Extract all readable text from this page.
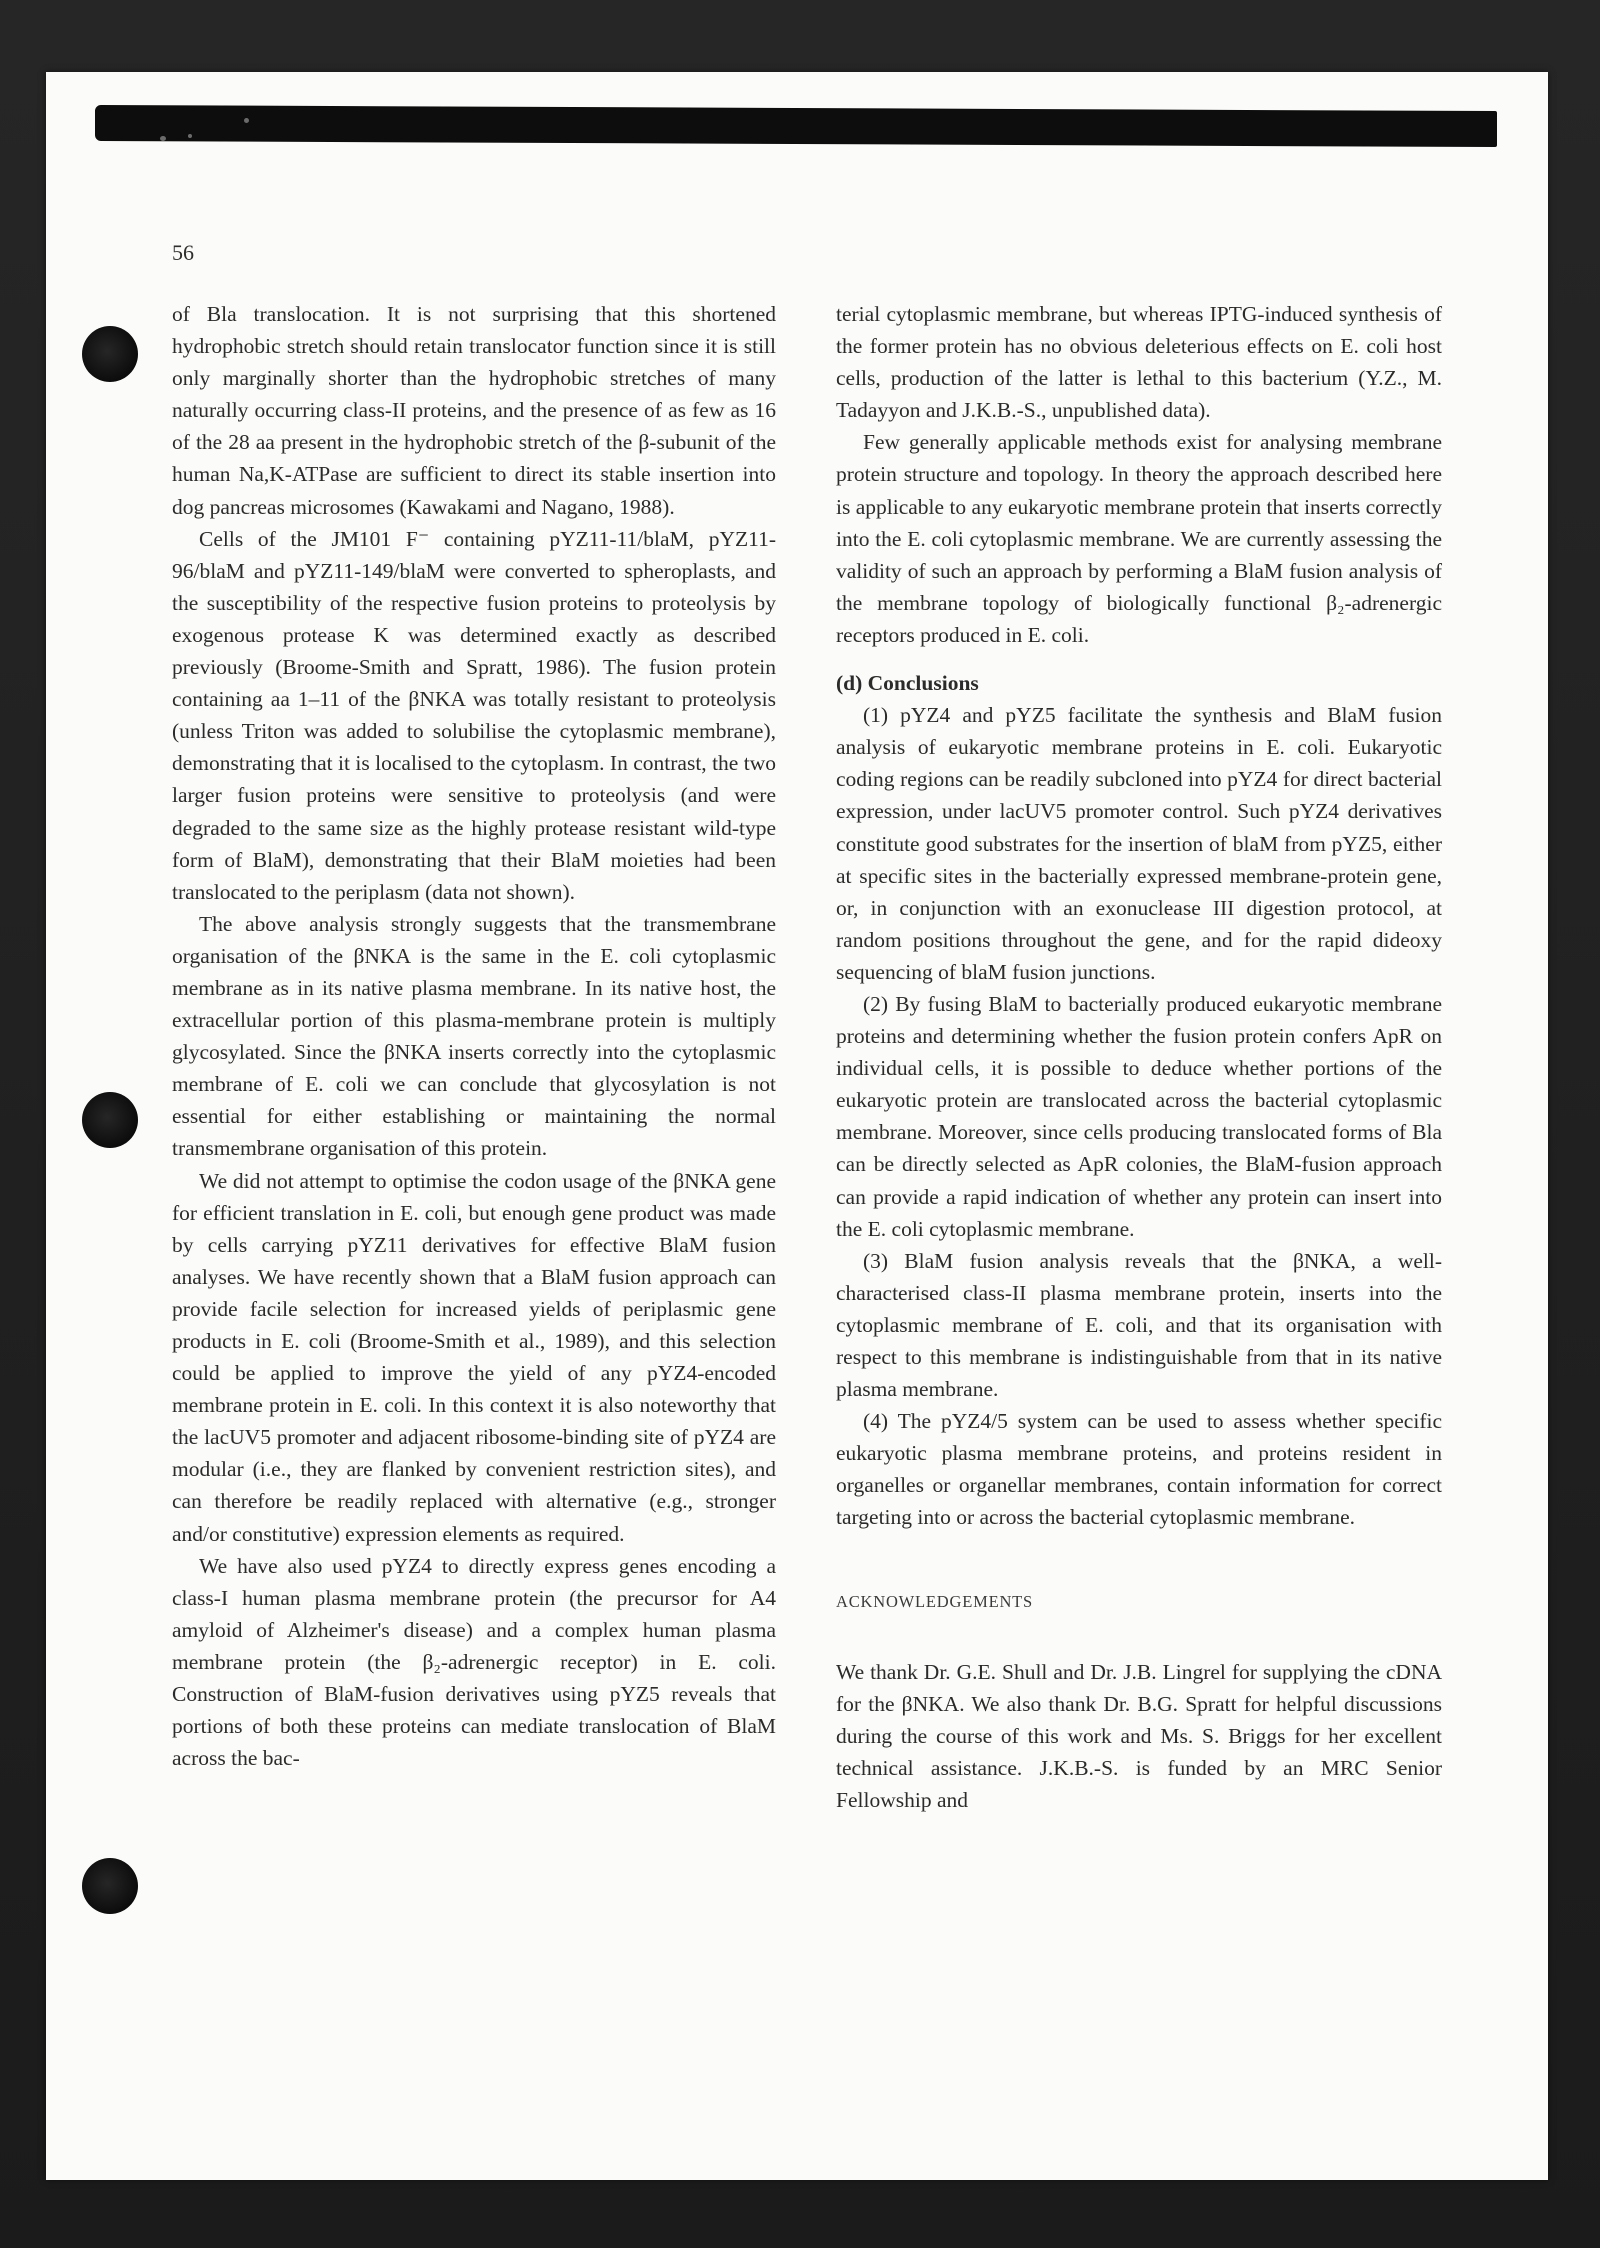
56

of Bla translocation. It is not surprising that this shortened hydrophobic stretch should retain translocator function since it is still only marginally shorter than the hydrophobic stretches of many naturally occurring class-II proteins, and the presence of as few as 16 of the 28 aa present in the hydrophobic stretch of the β-subunit of the human Na,K-ATPase are sufficient to direct its stable insertion into dog pancreas microsomes (Kawakami and Nagano, 1988).

Cells of the JM101 F⁻ containing pYZ11-11/blaM, pYZ11-96/blaM and pYZ11-149/blaM were converted to spheroplasts, and the susceptibility of the respective fusion proteins to proteolysis by exogenous protease K was determined exactly as described previously (Broome-Smith and Spratt, 1986). The fusion protein containing aa 1–11 of the βNKA was totally resistant to proteolysis (unless Triton was added to solubilise the cytoplasmic membrane), demonstrating that it is localised to the cytoplasm. In contrast, the two larger fusion proteins were sensitive to proteolysis (and were degraded to the same size as the highly protease resistant wild-type form of BlaM), demonstrating that their BlaM moieties had been translocated to the periplasm (data not shown).

The above analysis strongly suggests that the transmembrane organisation of the βNKA is the same in the E. coli cytoplasmic membrane as in its native plasma membrane. In its native host, the extracellular portion of this plasma-membrane protein is multiply glycosylated. Since the βNKA inserts correctly into the cytoplasmic membrane of E. coli we can conclude that glycosylation is not essential for either establishing or maintaining the normal transmembrane organisation of this protein.

We did not attempt to optimise the codon usage of the βNKA gene for efficient translation in E. coli, but enough gene product was made by cells carrying pYZ11 derivatives for effective BlaM fusion analyses. We have recently shown that a BlaM fusion approach can provide facile selection for increased yields of periplasmic gene products in E. coli (Broome-Smith et al., 1989), and this selection could be applied to improve the yield of any pYZ4-encoded membrane protein in E. coli. In this context it is also noteworthy that the lacUV5 promoter and adjacent ribosome-binding site of pYZ4 are modular (i.e., they are flanked by convenient restriction sites), and can therefore be readily replaced with alternative (e.g., stronger and/or constitutive) expression elements as required.

We have also used pYZ4 to directly express genes encoding a class-I human plasma membrane protein (the precursor for A4 amyloid of Alzheimer's disease) and a complex human plasma membrane protein (the β₂-adrenergic receptor) in E. coli. Construction of BlaM-fusion derivatives using pYZ5 reveals that portions of both these proteins can mediate translocation of BlaM across the bac-

terial cytoplasmic membrane, but whereas IPTG-induced synthesis of the former protein has no obvious deleterious effects on E. coli host cells, production of the latter is lethal to this bacterium (Y.Z., M. Tadayyon and J.K.B.-S., unpublished data).

Few generally applicable methods exist for analysing membrane protein structure and topology. In theory the approach described here is applicable to any eukaryotic membrane protein that inserts correctly into the E. coli cytoplasmic membrane. We are currently assessing the validity of such an approach by performing a BlaM fusion analysis of the membrane topology of biologically functional β₂-adrenergic receptors produced in E. coli.

(d) Conclusions

(1) pYZ4 and pYZ5 facilitate the synthesis and BlaM fusion analysis of eukaryotic membrane proteins in E. coli. Eukaryotic coding regions can be readily subcloned into pYZ4 for direct bacterial expression, under lacUV5 promoter control. Such pYZ4 derivatives constitute good substrates for the insertion of blaM from pYZ5, either at specific sites in the bacterially expressed membrane-protein gene, or, in conjunction with an exonuclease III digestion protocol, at random positions throughout the gene, and for the rapid dideoxy sequencing of blaM fusion junctions.

(2) By fusing BlaM to bacterially produced eukaryotic membrane proteins and determining whether the fusion protein confers ApR on individual cells, it is possible to deduce whether portions of the eukaryotic protein are translocated across the bacterial cytoplasmic membrane. Moreover, since cells producing translocated forms of Bla can be directly selected as ApR colonies, the BlaM-fusion approach can provide a rapid indication of whether any protein can insert into the E. coli cytoplasmic membrane.

(3) BlaM fusion analysis reveals that the βNKA, a well-characterised class-II plasma membrane protein, inserts into the cytoplasmic membrane of E. coli, and that its organisation with respect to this membrane is indistinguishable from that in its native plasma membrane.

(4) The pYZ4/5 system can be used to assess whether specific eukaryotic plasma membrane proteins, and proteins resident in organelles or organellar membranes, contain information for correct targeting into or across the bacterial cytoplasmic membrane.

ACKNOWLEDGEMENTS

We thank Dr. G.E. Shull and Dr. J.B. Lingrel for supplying the cDNA for the βNKA. We also thank Dr. B.G. Spratt for helpful discussions during the course of this work and Ms. S. Briggs for her excellent technical assistance. J.K.B.-S. is funded by an MRC Senior Fellowship and
